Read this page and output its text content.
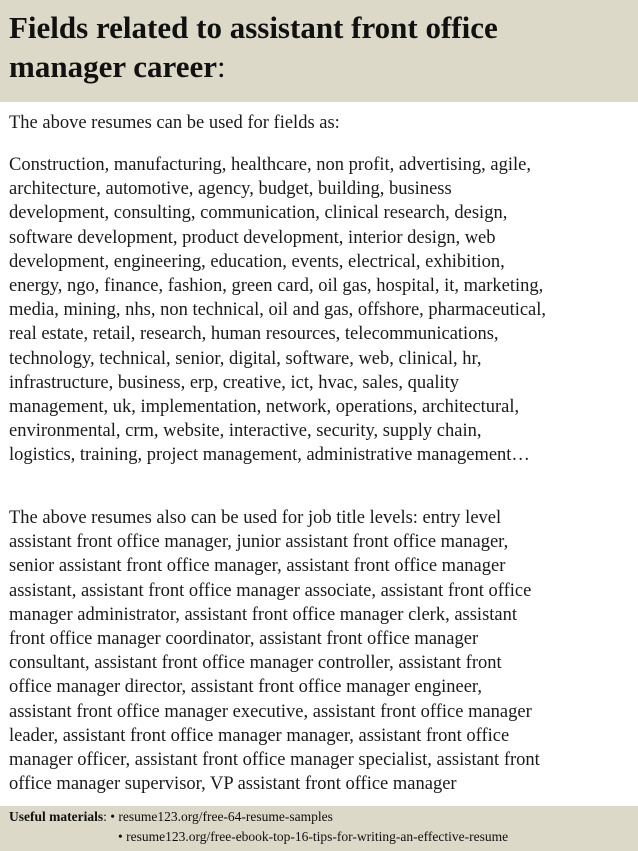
Fields related to assistant front office
manager career:

The above resumes can be used for fields as:

Construction, manufacturing, healthcare, non profit, advertising, agile,
architecture, automotive, agency, budget, building, business
development, consulting, communication, clinical research, design,
software development, product development, interior design, web
development, engineering, education, events, electrical, exhibition,
energy, ngo, finance, fashion, green card, oil gas, hospital, it, marketing,
media, mining, nhs, non technical, oil and gas, offshore, pharmaceutical,
real estate, retail, research, human resources, telecommunications,
technology, technical, senior, digital, software, web, clinical, hr,
infrastructure, business, erp, creative, ict, hvac, sales, quality
management, uk, implementation, network, operations, architectural,
environmental, crm, website, interactive, security, supply chain,
logistics, training, project management, administrative management…

The above resumes also can be used for job title levels: entry level
assistant front office manager, junior assistant front office manager,
senior assistant front office manager, assistant front office manager
assistant, assistant front office manager associate, assistant front office
manager administrator, assistant front office manager clerk, assistant
front office manager coordinator, assistant front office manager
consultant, assistant front office manager controller, assistant front
office manager director, assistant front office manager engineer,
assistant front office manager executive, assistant front office manager
leader, assistant front office manager manager, assistant front office
manager officer, assistant front office manager specialist, assistant front
office manager supervisor, VP assistant front office manager

Useful materials: • resume123.org/free-64-resume-samples
• resume123.org/free-ebook-top-16-tips-for-writing-an-effective-resume
